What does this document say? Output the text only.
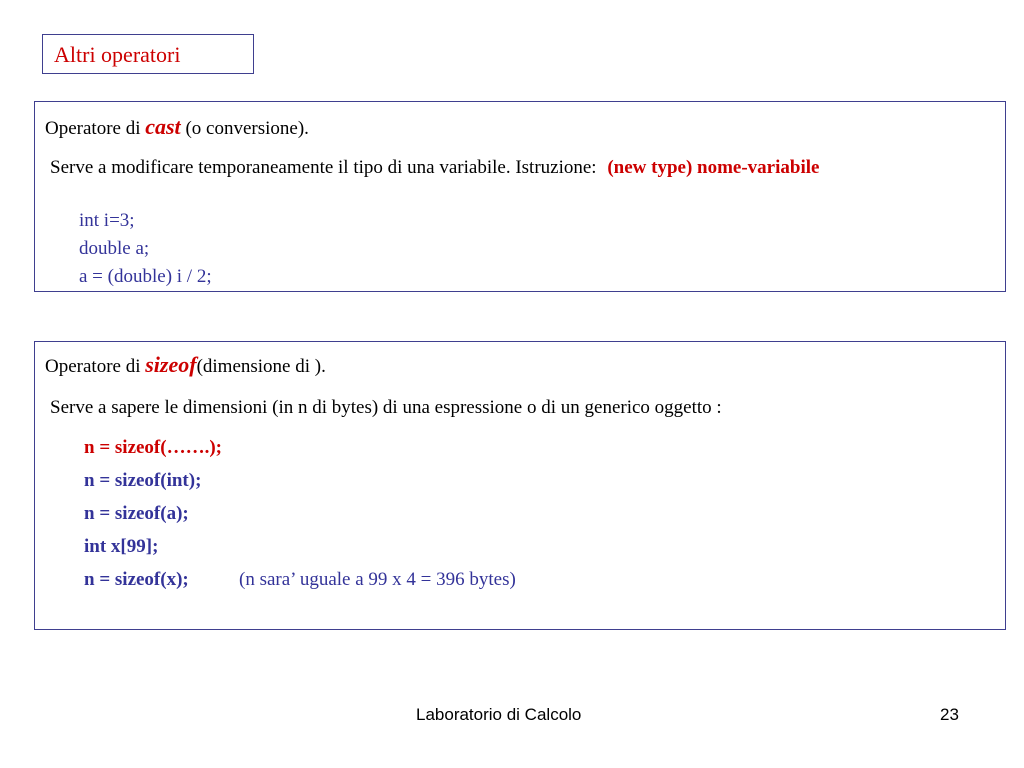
Altri operatori
Operatore di cast (o conversione).
Serve a modificare temporaneamente il tipo di una variabile. Istruzione: (new type) nome-variabile
int i=3;
double a;
a = (double) i / 2;
Operatore di sizeof(dimensione di ).
Serve a sapere le dimensioni (in n di bytes) di una espressione o di un generico oggetto :
n = sizeof(…….);
n = sizeof(int);
n = sizeof(a);
int x[99];
n = sizeof(x);	(n sara’ uguale a 99 x 4 = 396 bytes)
Laboratorio di Calcolo	23
